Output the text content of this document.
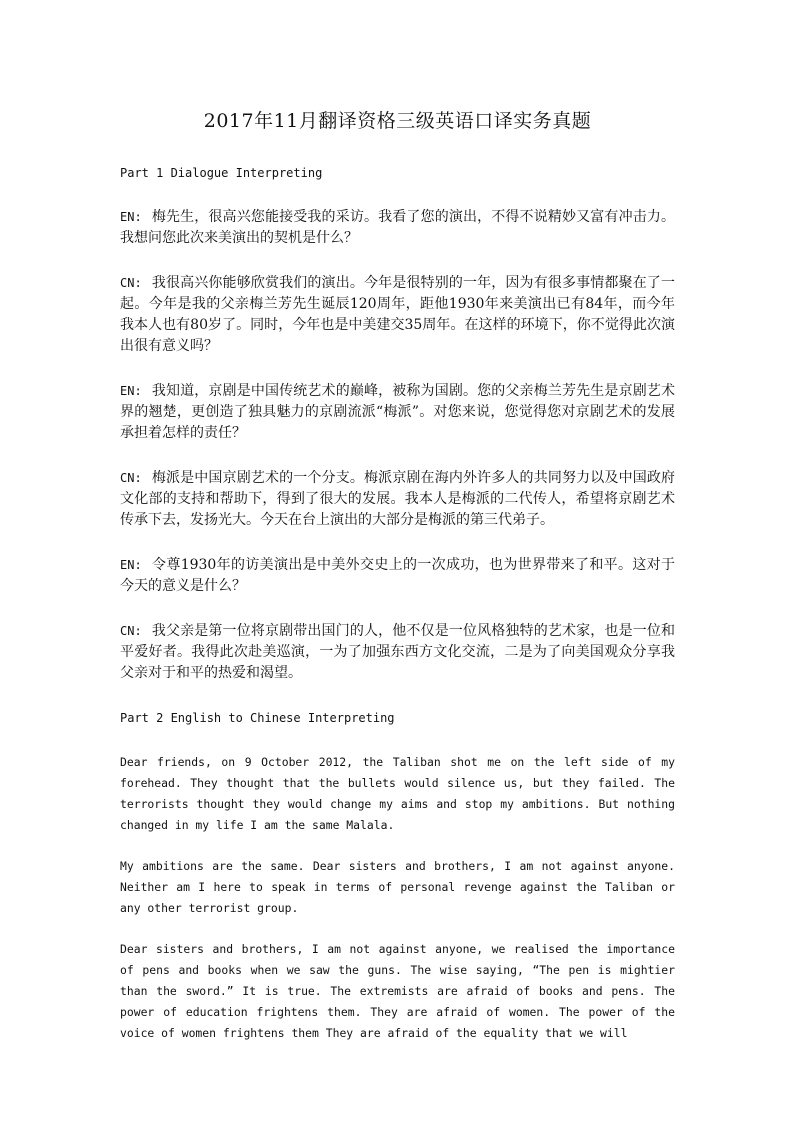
2017年11月翻译资格三级英语口译实务真题
Part 1 Dialogue Interpreting

EN: 梅先生，很高兴您能接受我的采访。我看了您的演出，不得不说精妙又富有冲击力。我想问您此次来美演出的契机是什么？

CN: 我很高兴你能够欣赏我们的演出。今年是很特别的一年，因为有很多事情都聚在了一起。今年是我的父亲梅兰芳先生诞辰120周年，距他1930年来美演出已有84年，而今年我本人也有80岁了。同时，今年也是中美建交35周年。在这样的环境下，你不觉得此次演出很有意义吗？

EN: 我知道，京剧是中国传统艺术的巅峰，被称为国剧。您的父亲梅兰芳先生是京剧艺术界的翘楚，更创造了独具魅力的京剧流派“梅派”。对您来说，您觉得您对京剧艺术的发展承担着怎样的责任？

CN: 梅派是中国京剧艺术的一个分支。梅派京剧在海内外许多人的共同努力以及中国政府文化部的支持和帮助下，得到了很大的发展。我本人是梅派的二代传人，希望将京剧艺术传承下去，发扬光大。今天在台上演出的大部分是梅派的第三代弟子。

EN: 令尊1930年的访美演出是中美外交史上的一次成功，也为世界带来了和平。这对于今天的意义是什么？

CN: 我父亲是第一位将京剧带出国门的人，他不仅是一位风格独特的艺术家，也是一位和平爱好者。我得此次赴美巡演，一为了加强东西方文化交流，二是为了向美国观众分享我父亲对于和平的热爱和渴望。

Part 2 English to Chinese Interpreting

Dear friends, on 9 October 2012, the Taliban shot me on the left side of my forehead. They thought that the bullets would silence us, but they failed. The terrorists thought they would change my aims and stop my ambitions. But nothing changed in my life I am the same Malala.

My ambitions are the same. Dear sisters and brothers, I am not against anyone. Neither am I here to speak in terms of personal revenge against the Taliban or any other terrorist group.

Dear sisters and brothers, I am not against anyone, we realised the importance of pens and books when we saw the guns. The wise saying, “The pen is mightier than the sword.” It is true. The extremists are afraid of books and pens. The power of education frightens them. They are afraid of women. The power of the voice of women frightens them They are afraid of the equality that we will
